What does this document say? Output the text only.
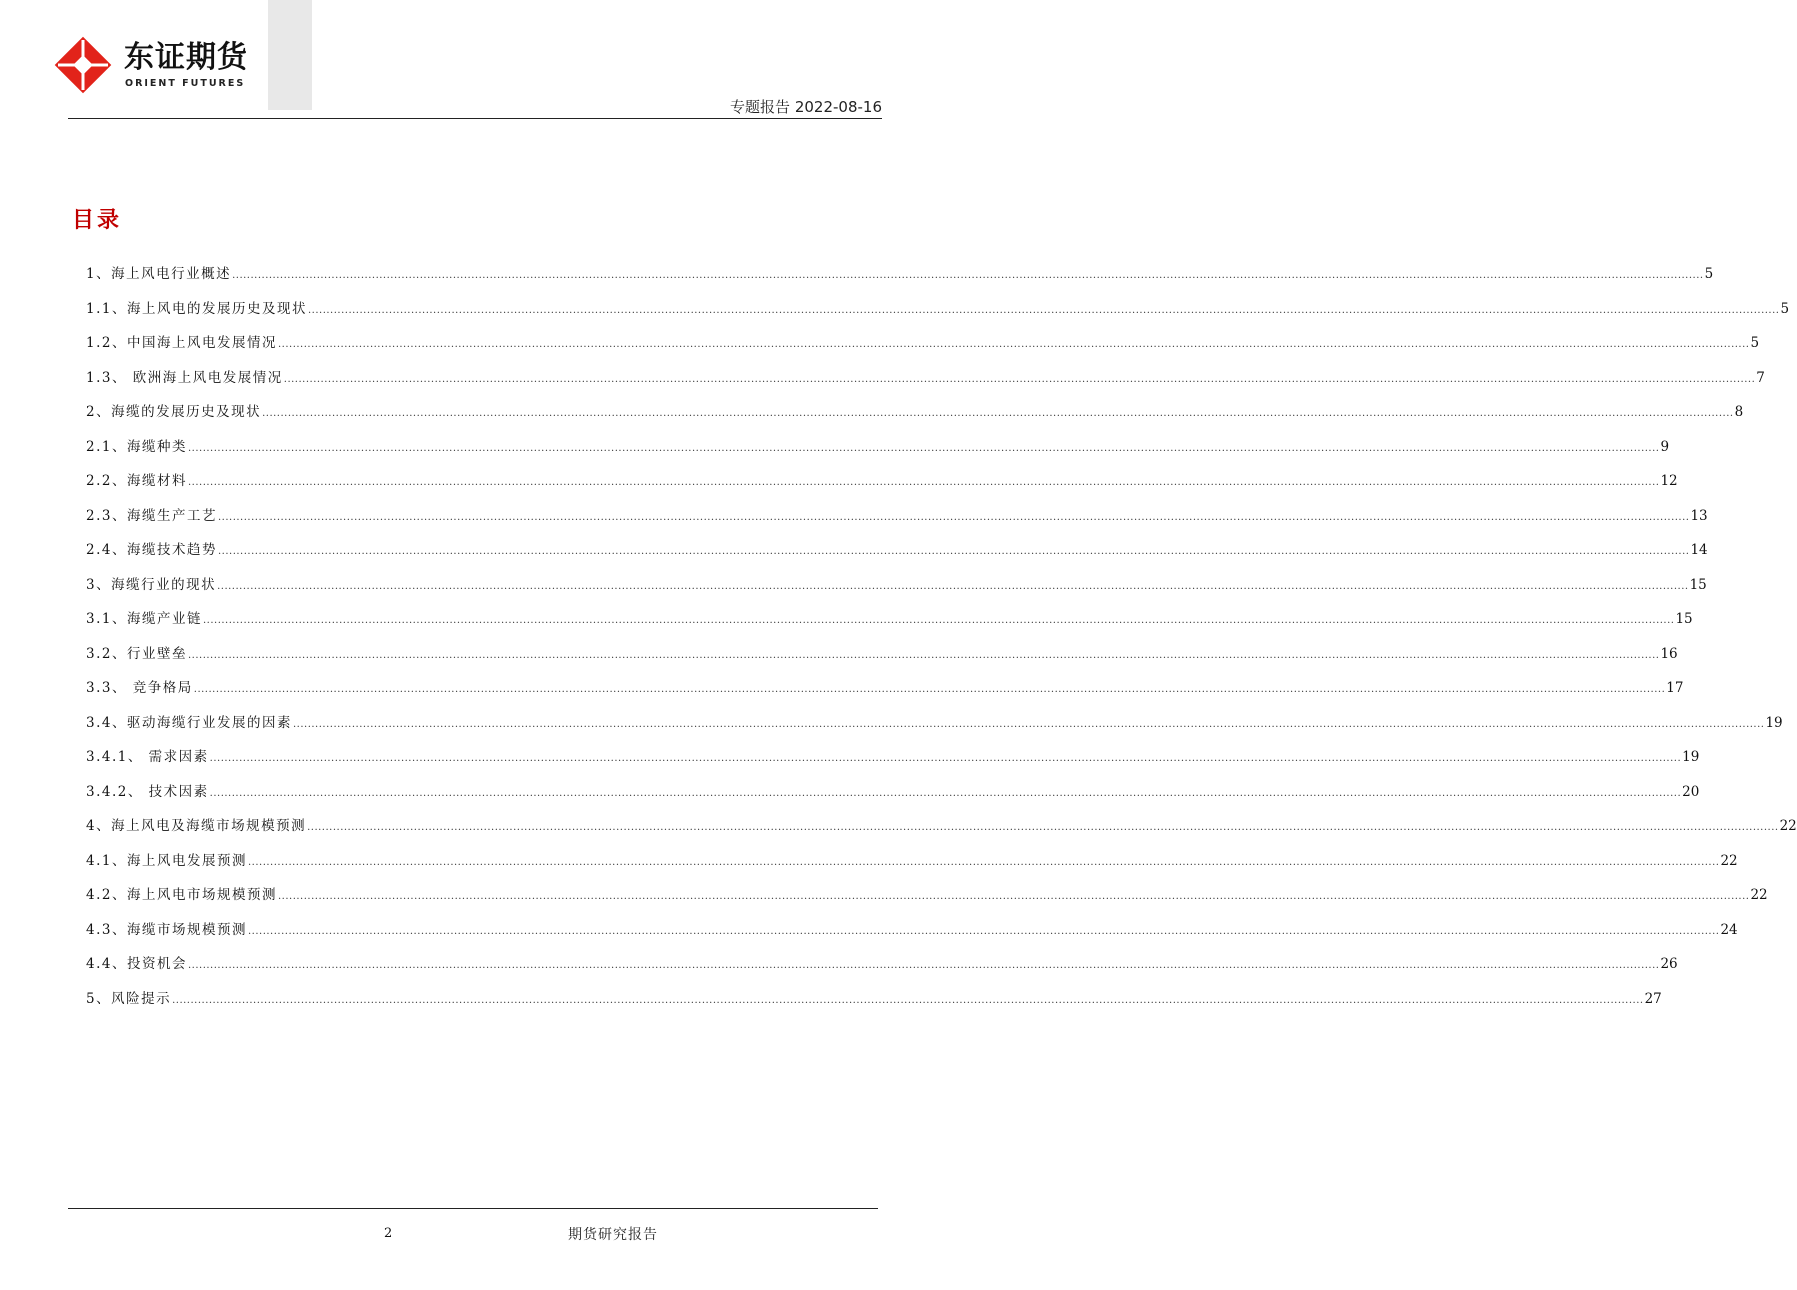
东证期货
ORIENT FUTURES
专题报告 2022-08-16
目录
1、海上风电行业概述 ................................................................................................................................................................................................................................................................................................................................................................................................................ 5
1.1、海上风电的发展历史及现状 ................................................................................................................................................................................................................................................................................................................................................................................................................ 5
1.2、中国海上风电发展情况 ................................................................................................................................................................................................................................................................................................................................................................................................................ 5
1.3、 欧洲海上风电发展情况 ................................................................................................................................................................................................................................................................................................................................................................................................................ 7
2、海缆的发展历史及现状 ................................................................................................................................................................................................................................................................................................................................................................................................................ 8
2.1、海缆种类 ................................................................................................................................................................................................................................................................................................................................................................................................................ 9
2.2、海缆材料 ................................................................................................................................................................................................................................................................................................................................................................................................................ 12
2.3、海缆生产工艺 ................................................................................................................................................................................................................................................................................................................................................................................................................ 13
2.4、海缆技术趋势 ................................................................................................................................................................................................................................................................................................................................................................................................................ 14
3、海缆行业的现状 ................................................................................................................................................................................................................................................................................................................................................................................................................ 15
3.1、海缆产业链 ................................................................................................................................................................................................................................................................................................................................................................................................................ 15
3.2、行业壁垒 ................................................................................................................................................................................................................................................................................................................................................................................................................ 16
3.3、 竞争格局 ................................................................................................................................................................................................................................................................................................................................................................................................................ 17
3.4、驱动海缆行业发展的因素 ................................................................................................................................................................................................................................................................................................................................................................................................................ 19
3.4.1、 需求因素 ................................................................................................................................................................................................................................................................................................................................................................................................................ 19
3.4.2、 技术因素 ................................................................................................................................................................................................................................................................................................................................................................................................................ 20
4、海上风电及海缆市场规模预测 ................................................................................................................................................................................................................................................................................................................................................................................................................ 22
4.1、海上风电发展预测 ................................................................................................................................................................................................................................................................................................................................................................................................................ 22
4.2、海上风电市场规模预测 ................................................................................................................................................................................................................................................................................................................................................................................................................ 22
4.3、海缆市场规模预测 ................................................................................................................................................................................................................................................................................................................................................................................................................ 24
4.4、投资机会 ................................................................................................................................................................................................................................................................................................................................................................................................................ 26
5、风险提示 ................................................................................................................................................................................................................................................................................................................................................................................................................ 27
2	期货研究报告
